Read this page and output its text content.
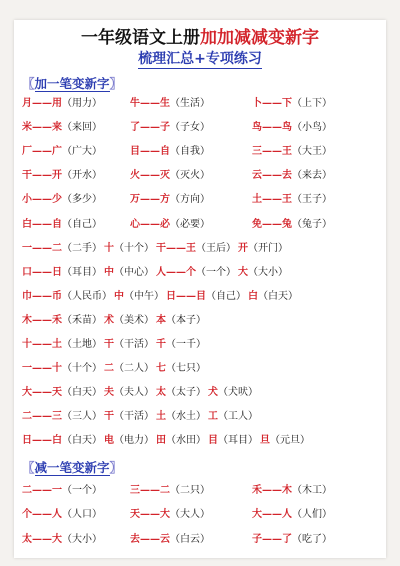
一年级语文上册加加减减变新字
梳理汇总+专项练习
〖加一笔变新字〗
月——用（用力）	牛——生（生活）	卜——下（上下）
米——来（来回）	了——子（子女）	鸟——鸟（小鸟）
厂——广（广大）	目——自（自我）	三——王（大王）
干——开（开水）	火——灭（灭火）	云——去（来去）
小——少（多少）	万——方（方向）	土——王（王子）
白——自（自己）	心——必（必要）	免——兔（兔子）
一——二（二手） 十（十个） 干——王（王后） 开（开门）
口——日（耳目） 中（中心） 人——个（一个） 大（大小）
巾——币（人民币） 中（中午） 日——目（自己） 白（白天）
木——禾（禾苗） 术（美术） 本（本子）
十——土（土地） 干（干活） 千（一千）
一——十（十个） 二（二人） 七（七只）
大——天（白天） 夫（夫人） 太（太子） 犬（犬吠）
二——三（三人） 干（干活） 土（水土） 工（工人）
日——白（白天） 电（电力） 田（水田） 目（耳目） 旦（元旦）
〖减一笔变新字〗
二——一（一个）	三——二（二只）	禾——木（木工）
个——人（人口）	天——大（大人）	大——人（人们）
太——大（大小）	去——云（白云）	子——了（吃了）
